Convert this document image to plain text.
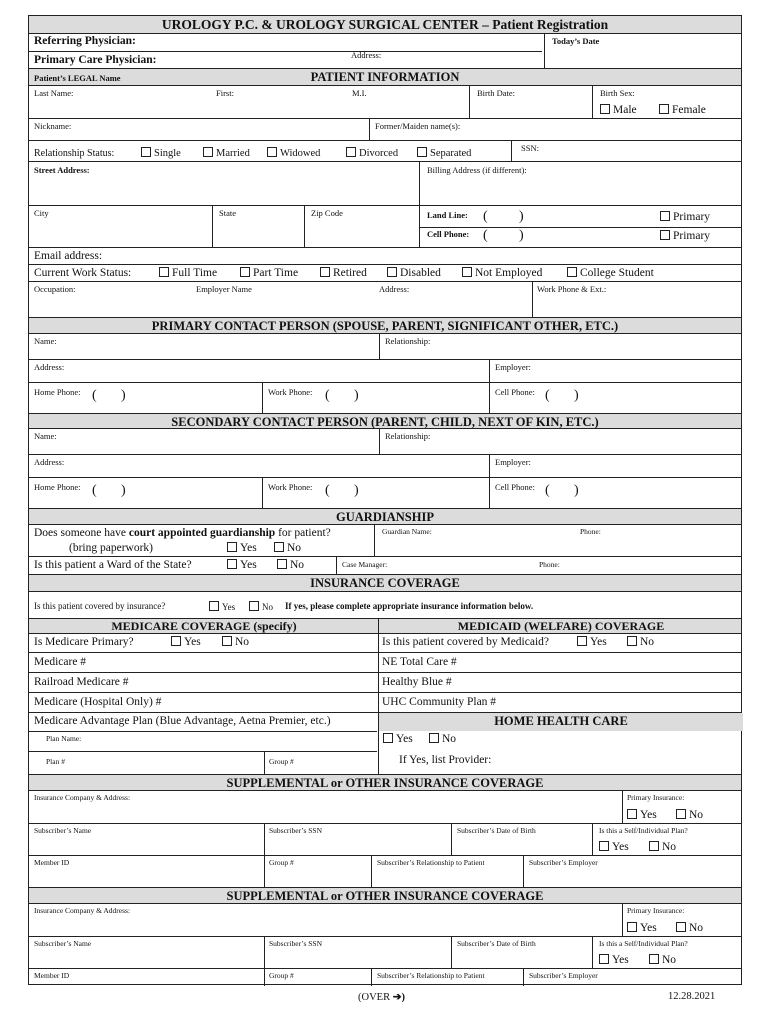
UROLOGY P.C. & UROLOGY SURGICAL CENTER – Patient Registration
Referring Physician:
Primary Care Physician:	Address:
Today’s Date
Patient’s LEGAL Name	PATIENT INFORMATION
Last Name:	First:	M.I.	Birth Date:	Birth Sex:
Male	Female
Nickname:	Former/Maiden name(s):
Relationship Status:	Single	Married	Widowed	Divorced	Separated	SSN:
Street Address:	Billing Address (if different):
City	State	Zip Code	Land Line: ( )	Primary
Cell Phone: ( )	Primary
Email address:
Current Work Status:	Full Time	Part Time	Retired	Disabled	Not Employed	College Student
Occupation:	Employer Name	Address:	Work Phone & Ext.:
PRIMARY CONTACT PERSON (SPOUSE, PARENT, SIGNIFICANT OTHER, ETC.)
Name:	Relationship:
Address:	Employer:
Home Phone: ( )	Work Phone: ( )	Cell Phone: ( )
SECONDARY CONTACT PERSON (PARENT, CHILD, NEXT OF KIN, ETC.)
Name:	Relationship:
Address:	Employer:
Home Phone: ( )	Work Phone: ( )	Cell Phone: ( )
GUARDIANSHIP
Does someone have court appointed guardianship for patient?
(bring paperwork)	Yes	No
Guardian Name:	Phone:
Is this patient a Ward of the State?	Yes	No	Case Manager:	Phone:
INSURANCE COVERAGE
Is this patient covered by insurance?	Yes	No If yes, please complete appropriate insurance information below.
MEDICARE COVERAGE (specify)	MEDICAID (WELFARE) COVERAGE
Is Medicare Primary?	Yes	No	Is this patient covered by Medicaid?	Yes	No
Medicare #	NE Total Care #
Railroad Medicare #	Healthy Blue #
Medicare (Hospital Only) #	UHC Community Plan #
Medicare Advantage Plan (Blue Advantage, Aetna Premier, etc.)	HOME HEALTH CARE
Plan Name:
Plan #	Group #
Yes	No
If Yes, list Provider:
SUPPLEMENTAL or OTHER INSURANCE COVERAGE
Insurance Company & Address:	Primary Insurance:
Yes	No
Subscriber’s Name	Subscriber’s SSN	Subscriber’s Date of Birth	Is this a Self/Individual Plan?
Yes	No
Member ID	Group #	Subscriber’s Relationship to Patient	Subscriber’s Employer
SUPPLEMENTAL or OTHER INSURANCE COVERAGE
Insurance Company & Address:	Primary Insurance:
Yes	No
Subscriber’s Name	Subscriber’s SSN	Subscriber’s Date of Birth	Is this a Self/Individual Plan?
Yes	No
Member ID	Group #	Subscriber’s Relationship to Patient	Subscriber’s Employer
(OVER ➔)	12.28.2021
